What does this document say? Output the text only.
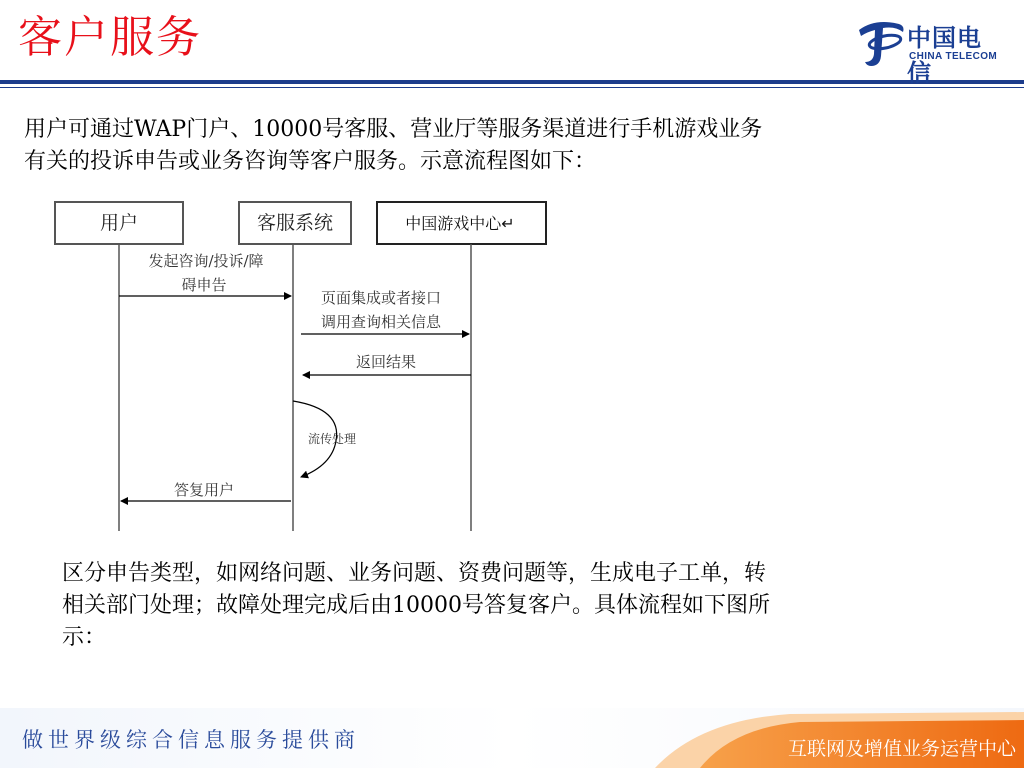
客户服务	中国电信
CHINA TELECOM
用户可通过WAP门户、10000号客服、营业厅等服务渠道进行手机游戏业务
有关的投诉申告或业务咨询等客户服务。示意流程图如下：
用户	客服系统	中国游戏中心↵
发起咨询/投诉/障
碍申告
页面集成或者接口
调用查询相关信息
返回结果
流传处理
答复用户
区分申告类型，如网络问题、业务问题、资费问题等，生成电子工单，转
相关部门处理；故障处理完成后由10000号答复客户。具体流程如下图所
示：
做世界级综合信息服务提供商	互联网及增值业务运营中心
